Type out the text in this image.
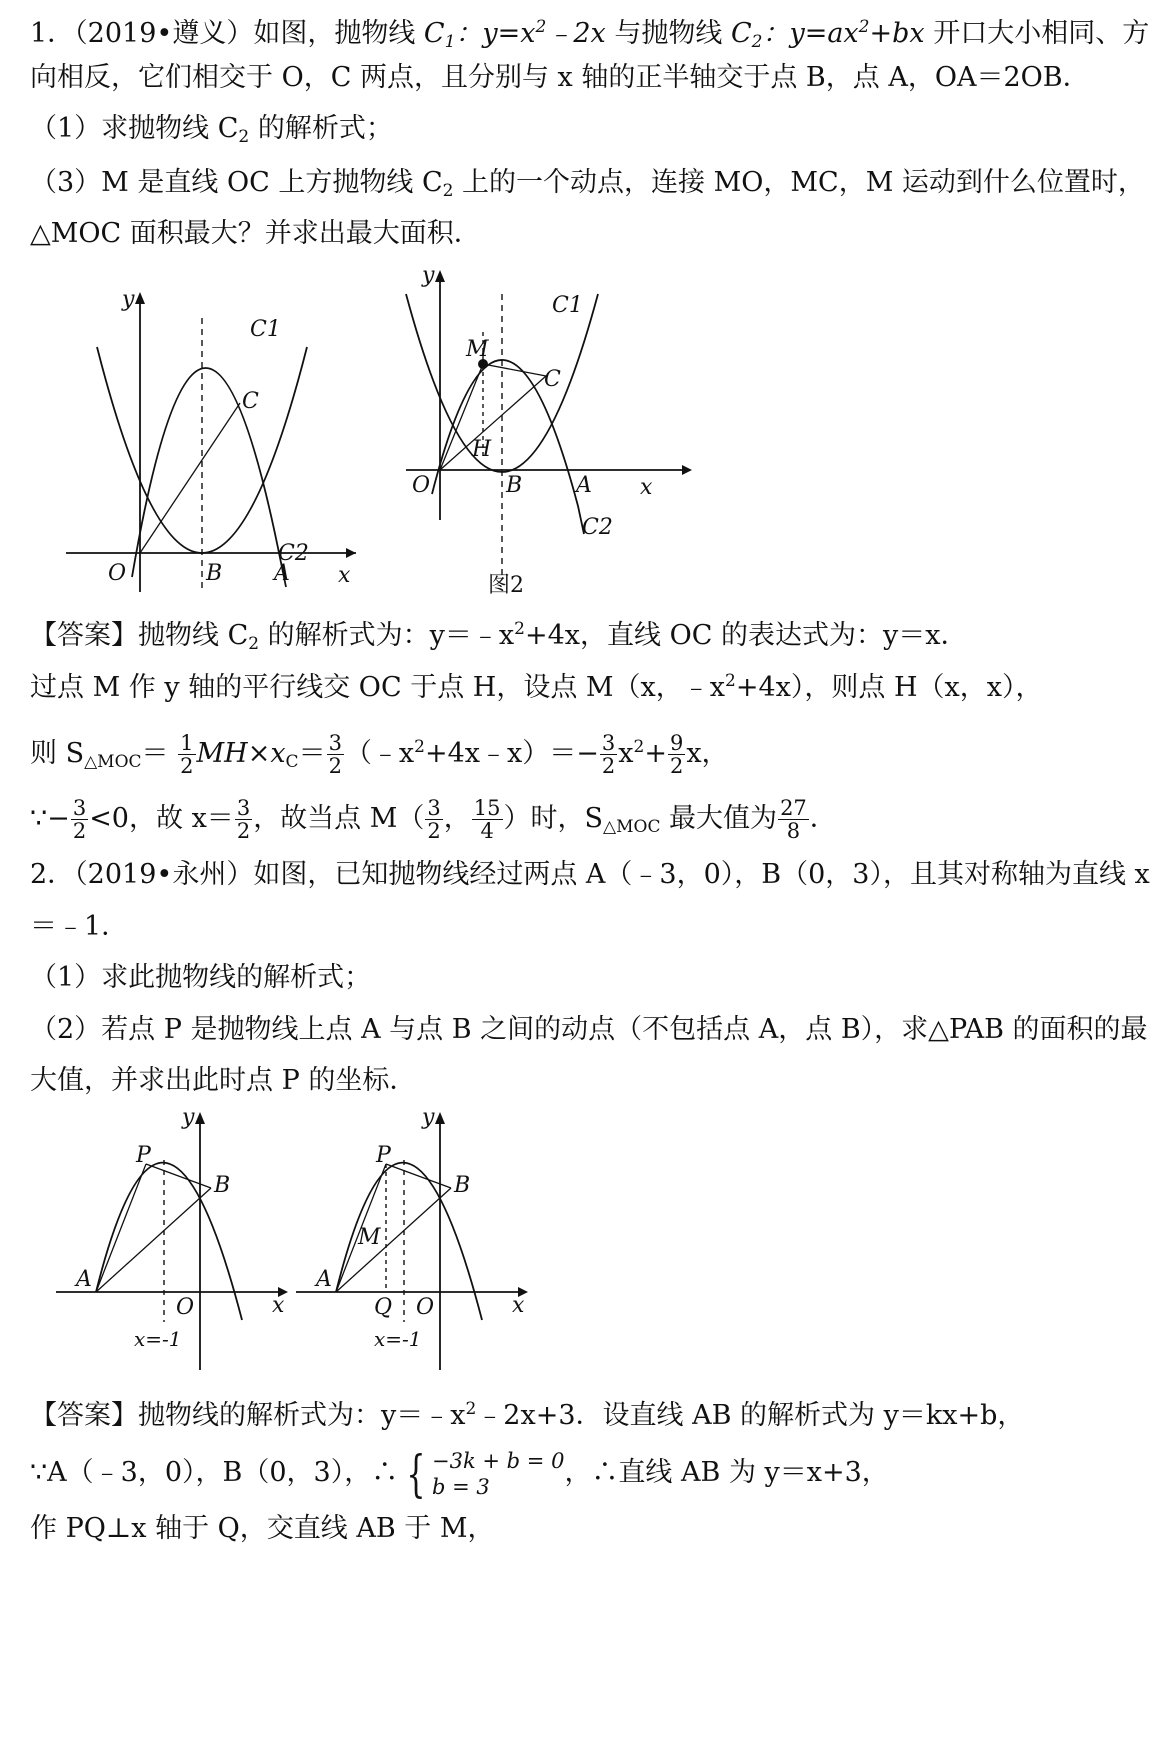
1．（2019•遵义）如图，抛物线 $C_1$：$y=x^2﹣2x$ 与抛物线 $C_2$：$y=ax^2+bx$ 开口大小相同、方
向相反，它们相交于 O，C 两点，且分别与 x 轴的正半轴交于点 B，点 A，OA＝2OB．
（1）求抛物线 $C_2$ 的解析式；
（3）M 是直线 OC 上方抛物线 $C_2$ 上的一个动点，连接 MO，MC，M 运动到什么位置时，
△MOC 面积最大？并求出最大面积．
y
x
O	B A
C
C1
C2
y
x
O	B A
C
M
H
C1
C2
图2
【答案】抛物线 $C_2$ 的解析式为：$y=﹣x^2+4x$，直线 OC 的表达式为：y＝x．
过点 M 作 y 轴的平行线交 OC 于点 H，设点 M（x，$﹣x^2+4x$），则点 H（x，x），
则 $S_{\triangle MOC}= \frac{1}{2} MH\times x_C= \frac{3}{2}$ $(﹣x^2+4x﹣x)=- \frac{3}{2} x^2+ \frac{9}{2}$ x，
∵− $\frac{3}{2} <0$，故 $x= \frac{3}{2}$ ，故当点 $M( \frac{3}{2}$ ， $\frac{15}{4}$ ）时，$S_{\triangle MOC}$ 最大值为 $\frac{27}{8}$ ．
2．（2019•永州）如图，已知抛物线经过两点 A（﹣3，0），B（0，3），且其对称轴为直线 x
＝﹣1．
（1）求此抛物线的解析式；
（2）若点 P 是抛物线上点 A 与点 B 之间的动点（不包括点 A，点 B），求△PAB 的面积的最
大值，并求出此时点 P 的坐标．
y
x
O
A
B
P
x=-1
y
x
O
A
B
P
M
Q
x=-1
【答案】抛物线的解析式为：$y=﹣x^2﹣2x+3$．设直线 AB 的解析式为 y＝kx+b，
∵A（﹣3，0），B（0，3），∴ { −3k + b = 0
b = 3	，∴直线 AB 为 y＝x+3，
作 PQ⊥x 轴于 Q，交直线 AB 于 M，
